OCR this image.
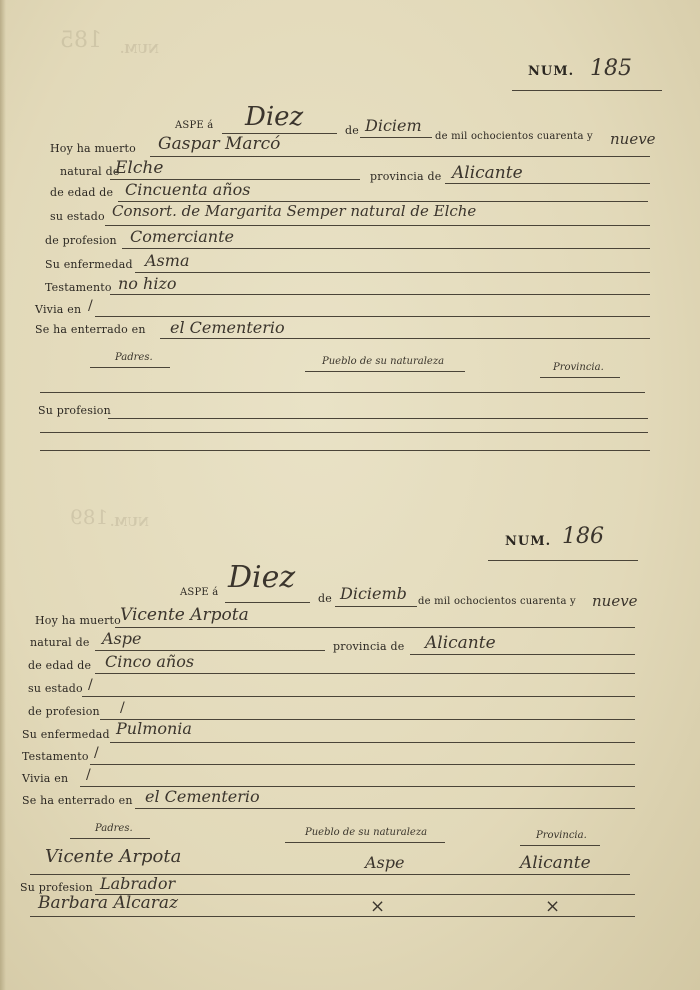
185 NUM.
189 NUM.
NUM. 185
ASPE á Diez	de Diciem
de mil ochocientos cuarenta y nueve
Hoy ha muerto Gaspar Marcó
natural de
Elche	provincia de Alicante
de edad de Cincuenta años
su estado Consort. de Margarita Semper natural de Elche
de profesion Comerciante
Su enfermedad Asma
Testamento no hizo
Vivia en /
Se ha enterrado en el Cementerio
Padres.	Pueblo de su naturaleza
Provincia.
Su profesion
NUM. 186
ASPE á Diez
de Diciemb de mil ochocientos cuarenta y nueve
Hoy ha muerto Vicente Arpota
natural de Aspe	provincia de Alicante
de edad de Cinco años
su estado /
de profesion /
Su enfermedad Pulmonia
Testamento /
Vivia en /
Se ha enterrado en el Cementerio
Padres.	Pueblo de su naturaleza	Provincia.
Vicente Arpota	Aspe	Alicante
Su profesion Labrador
Barbara Alcaraz	⨯	⨯
